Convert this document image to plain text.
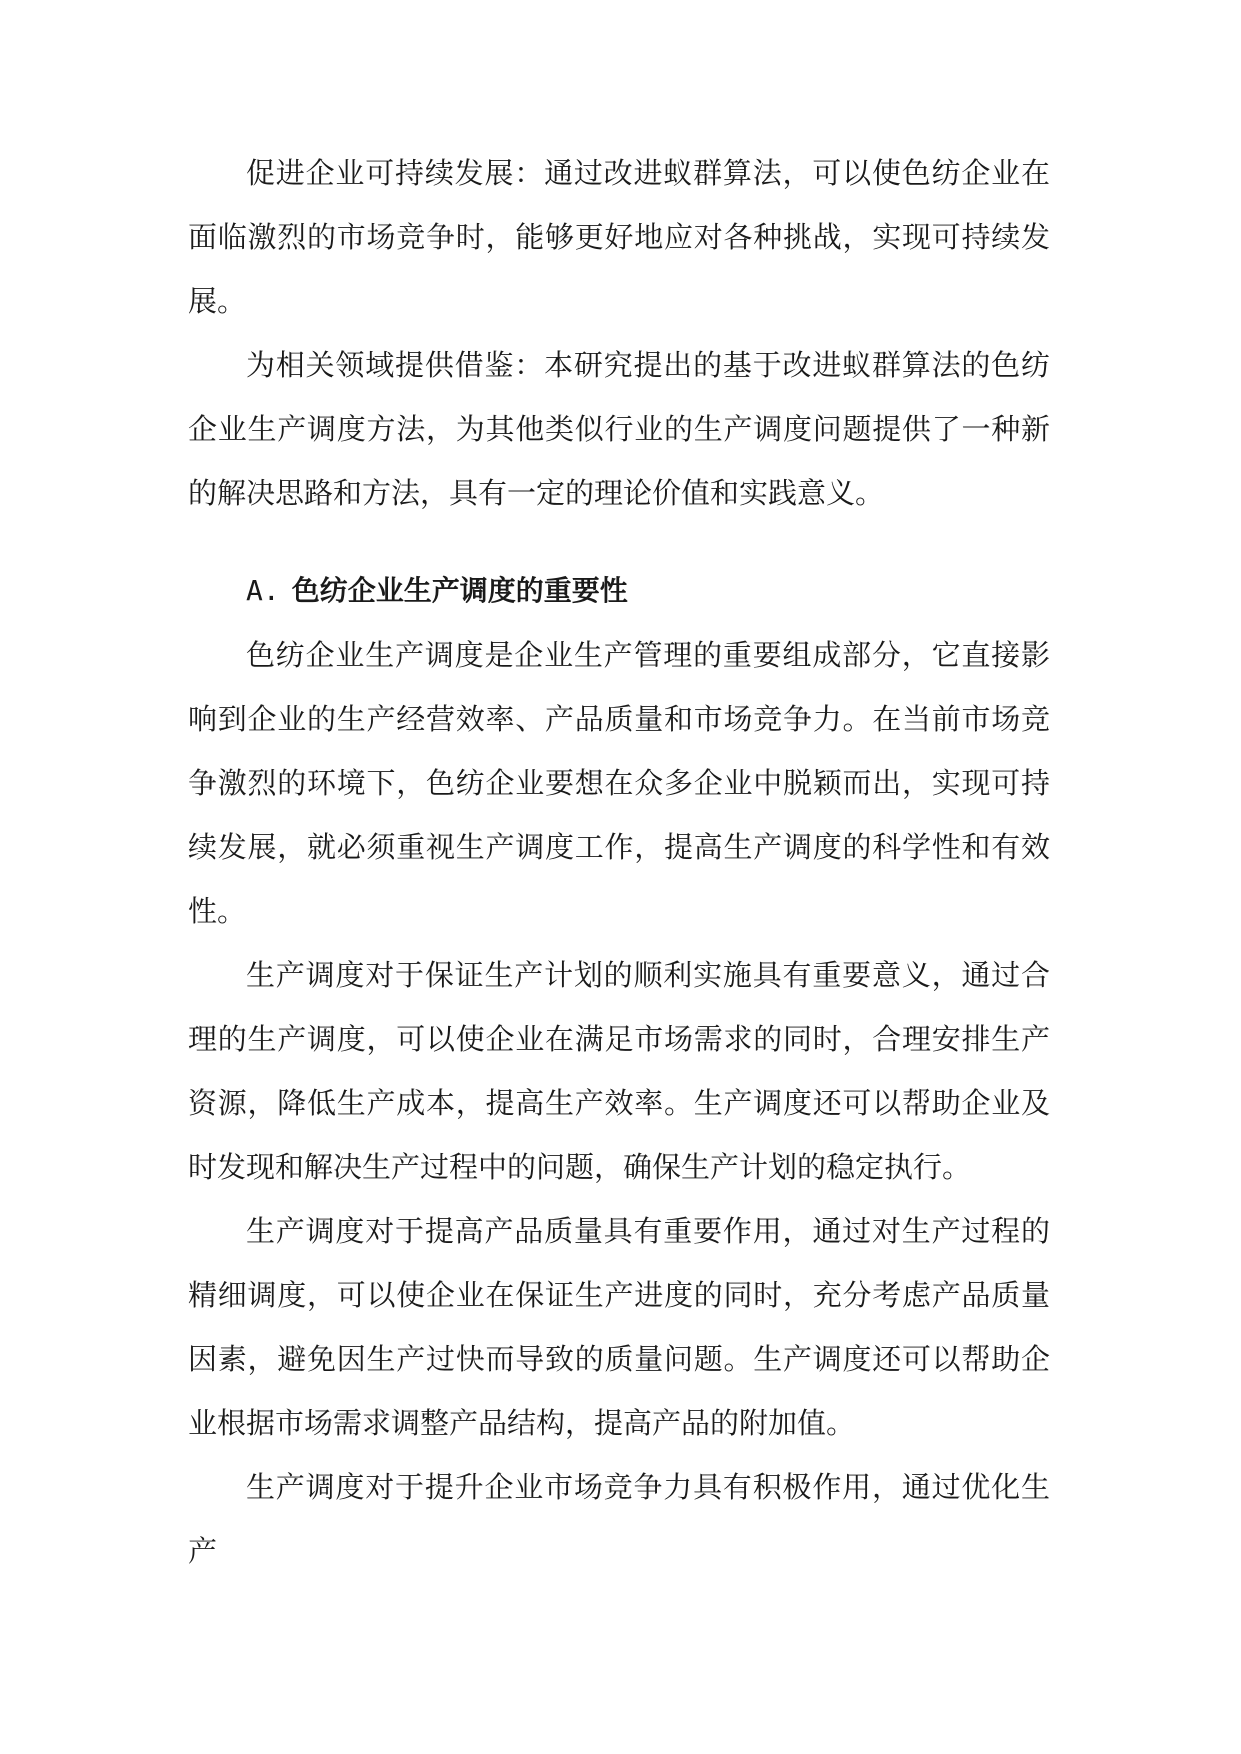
促进企业可持续发展：通过改进蚁群算法，可以使色纺企业在面临激烈的市场竞争时，能够更好地应对各种挑战，实现可持续发展。

为相关领域提供借鉴：本研究提出的基于改进蚁群算法的色纺企业生产调度方法，为其他类似行业的生产调度问题提供了一种新的解决思路和方法，具有一定的理论价值和实践意义。

A. 色纺企业生产调度的重要性

色纺企业生产调度是企业生产管理的重要组成部分，它直接影响到企业的生产经营效率、产品质量和市场竞争力。在当前市场竞争激烈的环境下，色纺企业要想在众多企业中脱颖而出，实现可持续发展，就必须重视生产调度工作，提高生产调度的科学性和有效性。

生产调度对于保证生产计划的顺利实施具有重要意义，通过合理的生产调度，可以使企业在满足市场需求的同时，合理安排生产资源，降低生产成本，提高生产效率。生产调度还可以帮助企业及时发现和解决生产过程中的问题，确保生产计划的稳定执行。

生产调度对于提高产品质量具有重要作用，通过对生产过程的精细调度，可以使企业在保证生产进度的同时，充分考虑产品质量因素，避免因生产过快而导致的质量问题。生产调度还可以帮助企业根据市场需求调整产品结构，提高产品的附加值。

生产调度对于提升企业市场竞争力具有积极作用，通过优化生产
